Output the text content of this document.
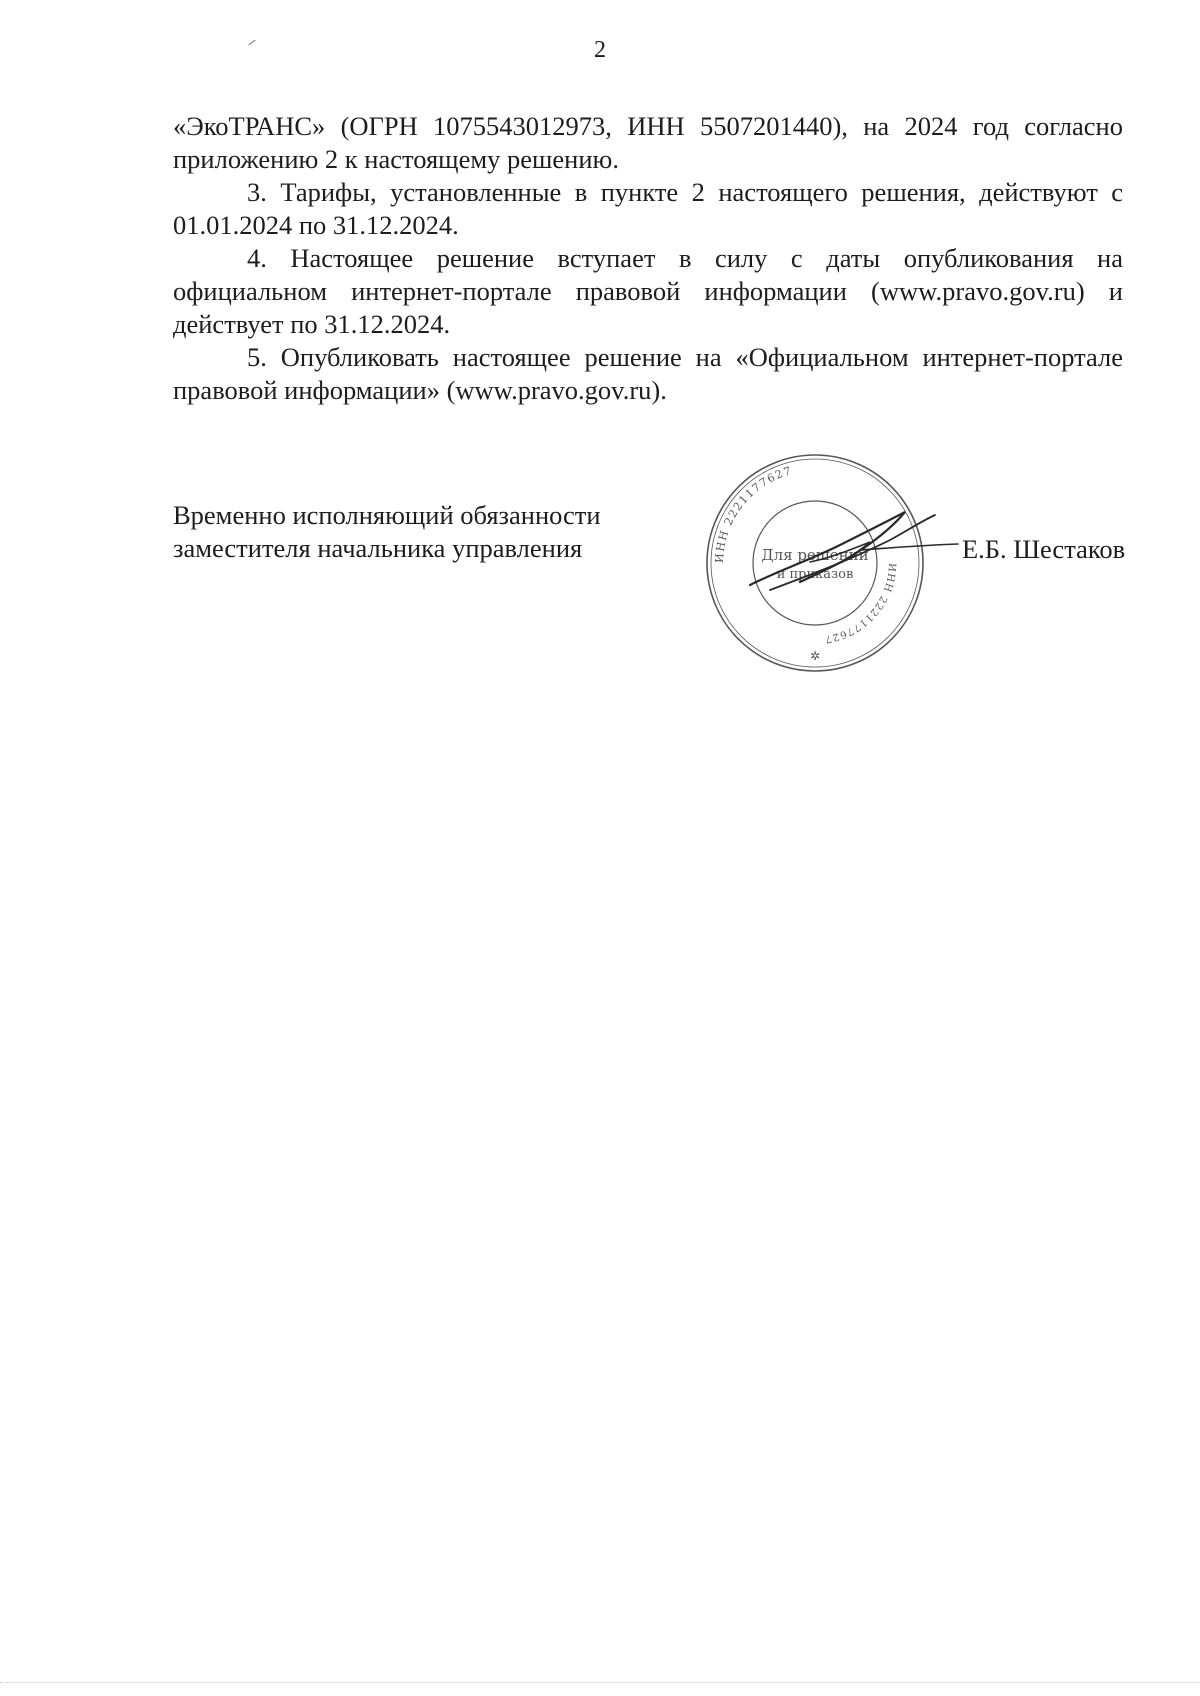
2

«ЭкоТРАНС» (ОГРН 1075543012973, ИНН 5507201440), на 2024 год согласно приложению 2 к настоящему решению.

3. Тарифы, установленные в пункте 2 настоящего решения, действуют с 01.01.2024 по 31.12.2024.

4. Настоящее решение вступает в силу с даты опубликования на официальном интернет-портале правовой информации (www.pravo.gov.ru) и действует по 31.12.2024.

5. Опубликовать настоящее решение на «Официальном интернет-портале правовой информации» (www.pravo.gov.ru).

Временно исполняющий обязанности
заместителя начальника управления	ИНН 2221177627
ИНН 2221177627
Для решений
и приказов
✲
Е.Б. Шестаков
